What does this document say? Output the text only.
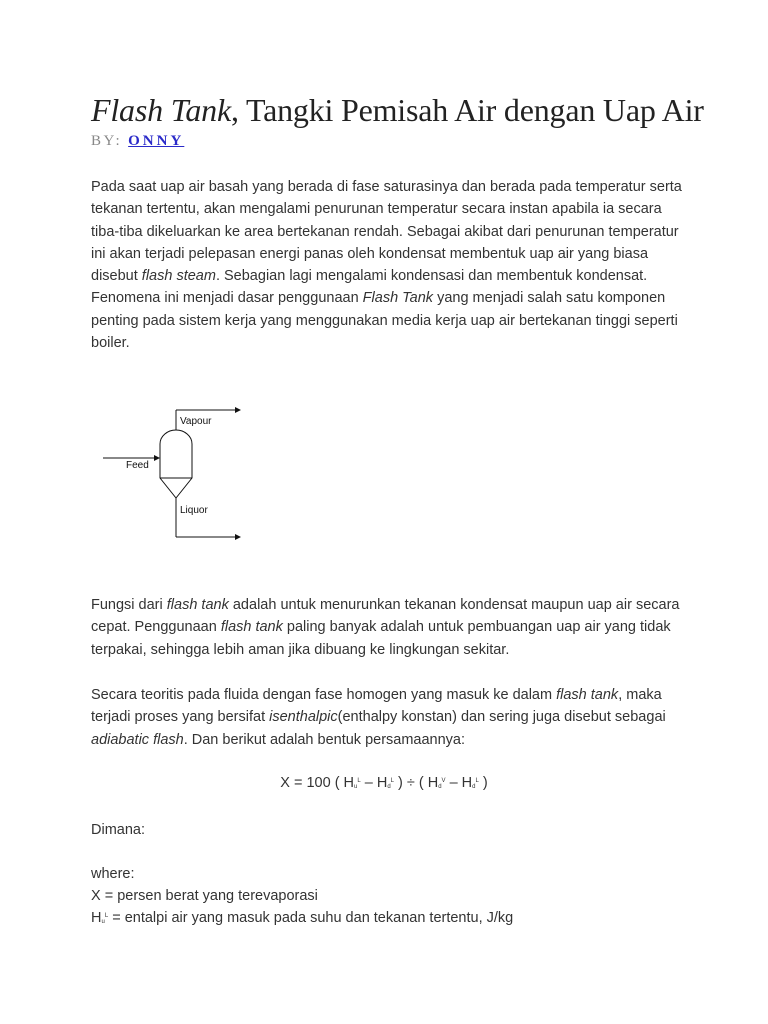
Flash Tank, Tangki Pemisah Air dengan Uap Air
BY: ONNY

Pada saat uap air basah yang berada di fase saturasinya dan berada pada temperatur serta tekanan tertentu, akan mengalami penurunan temperatur secara instan apabila ia secara tiba-tiba dikeluarkan ke area bertekanan rendah. Sebagai akibat dari penurunan temperatur ini akan terjadi pelepasan energi panas oleh kondensat membentuk uap air yang biasa disebut flash steam. Sebagian lagi mengalami kondensasi dan membentuk kondensat. Fenomena ini menjadi dasar penggunaan Flash Tank yang menjadi salah satu komponen penting pada sistem kerja yang menggunakan media kerja uap air bertekanan tinggi seperti boiler.

Vapour
Feed
Liquor

Fungsi dari flash tank adalah untuk menurunkan tekanan kondensat maupun uap air secara cepat. Penggunaan flash tank paling banyak adalah untuk pembuangan uap air yang tidak terpakai, sehingga lebih aman jika dibuang ke lingkungan sekitar.

Secara teoritis pada fluida dengan fase homogen yang masuk ke dalam flash tank, maka terjadi proses yang bersifat isenthalpic(enthalpy konstan) dan sering juga disebut sebagai adiabatic flash. Dan berikut adalah bentuk persamaannya:

X = 100 ( $H_u^L - H_d^L$ ) ÷ ( $H_d^V - H_d^L$ )
Dimana:
where:
X = persen berat yang terevaporasi
$H_u^L$ = entalpi air yang masuk pada suhu dan tekanan tertentu, J/kg
